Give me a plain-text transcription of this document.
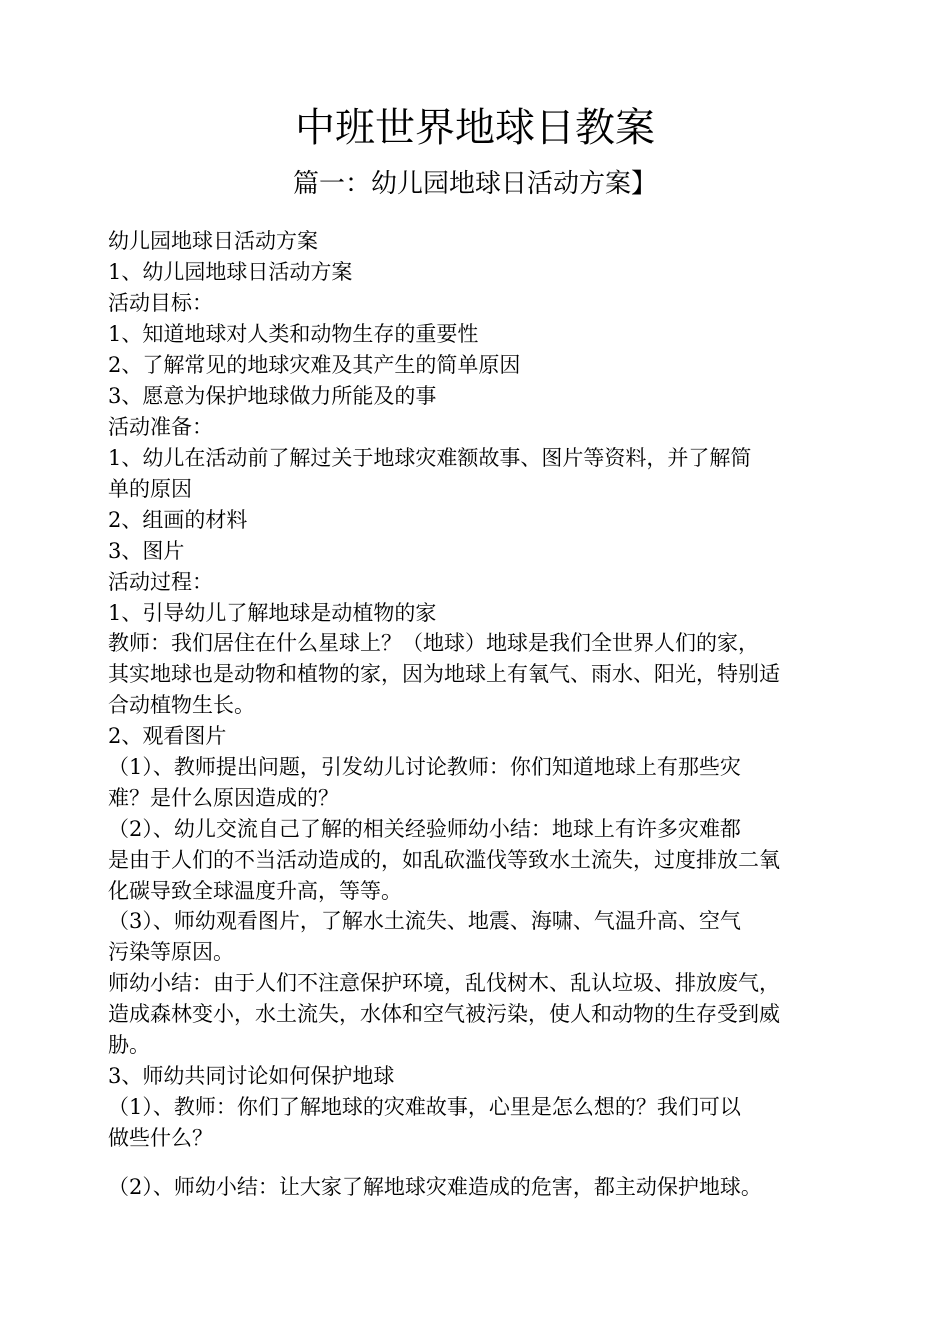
中班世界地球日教案
篇一：幼儿园地球日活动方案】
幼儿园地球日活动方案
1、幼儿园地球日活动方案
活动目标：
1、知道地球对人类和动物生存的重要性
2、了解常见的地球灾难及其产生的简单原因
3、愿意为保护地球做力所能及的事
活动准备：
1、幼儿在活动前了解过关于地球灾难额故事、图片等资料，并了解简
单的原因
2、组画的材料
3、图片
活动过程：
1、引导幼儿了解地球是动植物的家
教师：我们居住在什么星球上？（地球）地球是我们全世界人们的家，
其实地球也是动物和植物的家，因为地球上有氧气、雨水、阳光，特别适
合动植物生长。
2、观看图片
（1）、教师提出问题，引发幼儿讨论教师：你们知道地球上有那些灾
难？是什么原因造成的？
（2）、幼儿交流自己了解的相关经验师幼小结：地球上有许多灾难都
是由于人们的不当活动造成的，如乱砍滥伐等致水土流失，过度排放二氧
化碳导致全球温度升高，等等。
（3）、师幼观看图片，了解水土流失、地震、海啸、气温升高、空气
污染等原因。
师幼小结：由于人们不注意保护环境，乱伐树木、乱认垃圾、排放废气，
造成森林变小，水土流失，水体和空气被污染，使人和动物的生存受到威
胁。
3、师幼共同讨论如何保护地球
（1）、教师：你们了解地球的灾难故事，心里是怎么想的？我们可以
做些什么？
（2）、师幼小结：让大家了解地球灾难造成的危害，都主动保护地球。
